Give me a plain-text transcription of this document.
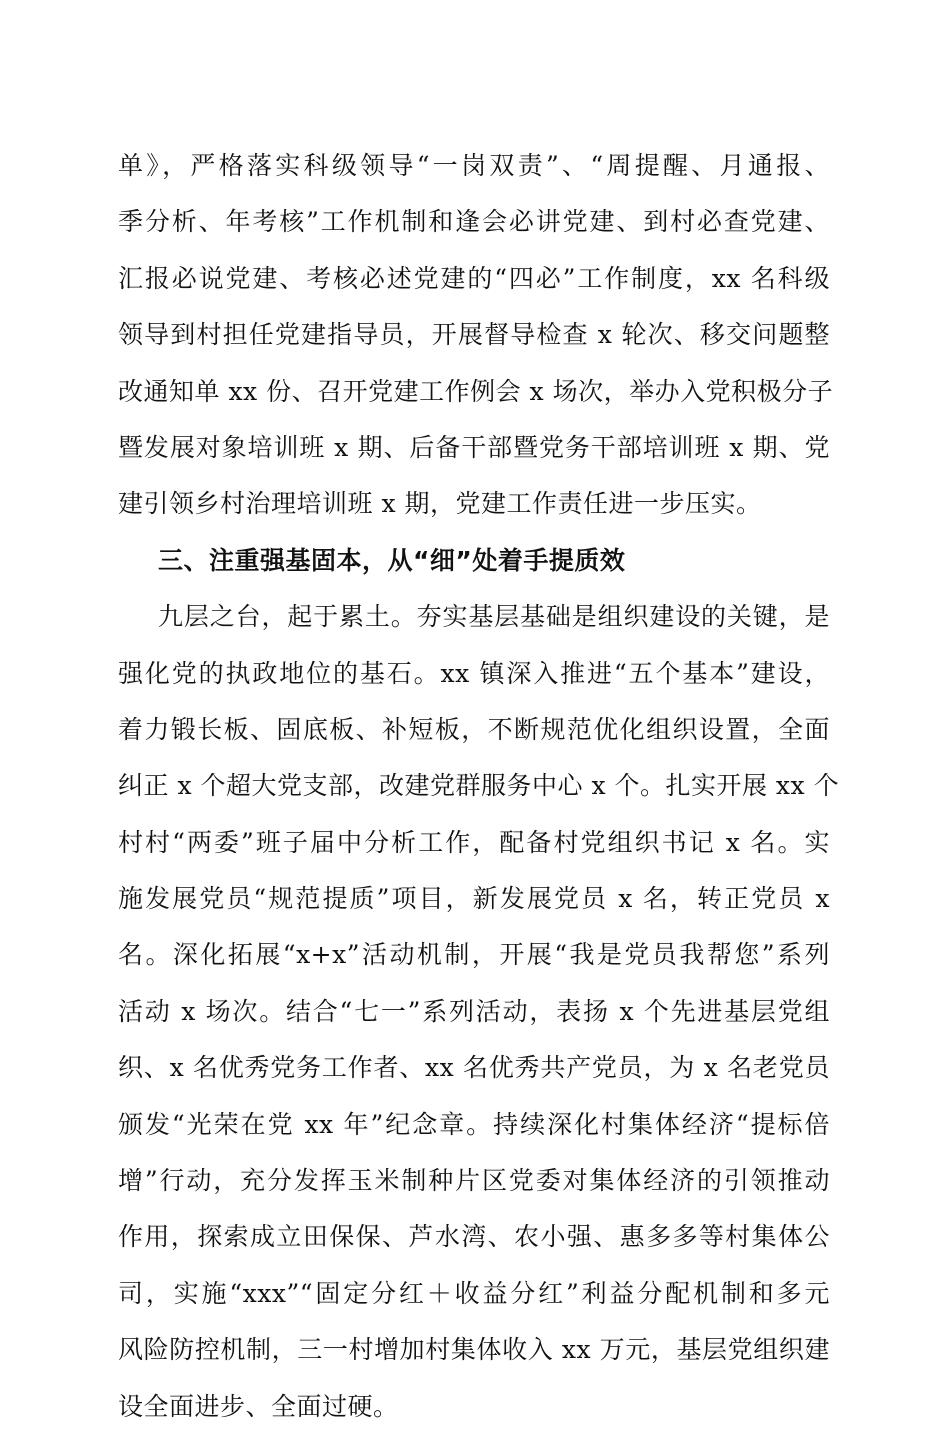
单》，严格落实科级领导“一岗双责”、“周提醒、月通报、
季分析、年考核”工作机制和逢会必讲党建、到村必查党建、
汇报必说党建、考核必述党建的“四必”工作制度，xx 名科级
领导到村担任党建指导员，开展督导检查 x 轮次、移交问题整
改通知单 xx 份、召开党建工作例会 x 场次，举办入党积极分子
暨发展对象培训班 x 期、后备干部暨党务干部培训班 x 期、党
建引领乡村治理培训班 x 期，党建工作责任进一步压实。
三、注重强基固本，从“细”处着手提质效
九层之台，起于累土。夯实基层基础是组织建设的关键，是
强化党的执政地位的基石。xx 镇深入推进“五个基本”建设，
着力锻长板、固底板、补短板，不断规范优化组织设置，全面
纠正 x 个超大党支部，改建党群服务中心 x 个。扎实开展 xx 个
村村“两委”班子届中分析工作，配备村党组织书记 x 名。实
施发展党员“规范提质”项目，新发展党员 x 名，转正党员 x
名。深化拓展“x+x”活动机制，开展“我是党员我帮您”系列
活动 x 场次。结合“七一”系列活动，表扬 x 个先进基层党组
织、x 名优秀党务工作者、xx 名优秀共产党员，为 x 名老党员
颁发“光荣在党 xx 年”纪念章。持续深化村集体经济“提标倍
增”行动，充分发挥玉米制种片区党委对集体经济的引领推动
作用，探索成立田保保、芦水湾、农小强、惠多多等村集体公
司，实施“xxx”“固定分红＋收益分红”利益分配机制和多元
风险防控机制，三一村增加村集体收入 xx 万元，基层党组织建
设全面进步、全面过硬。
